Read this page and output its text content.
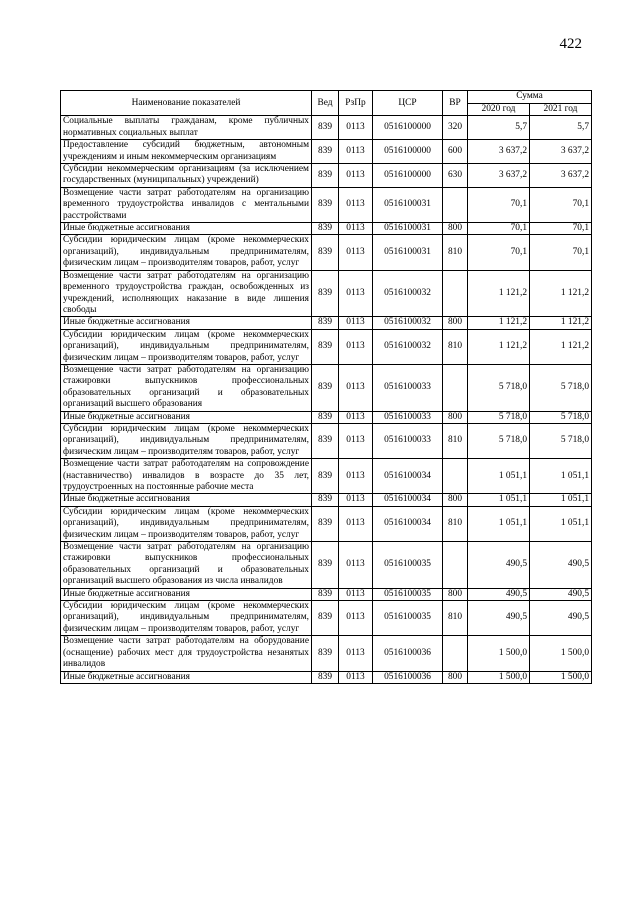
422
Наименование показателей	Вед	РзПр	ЦСР	ВР	Сумма	
					2020 год	2021 год
Социальные выплаты гражданам, кроме публичных нормативных социальных выплат	839	0113	0516100000	320	5,7	5,7
Предоставление субсидий бюджетным, автономным учреждениям и иным некоммерческим организациям	839	0113	0516100000	600	3 637,2	3 637,2
Субсидии некоммерческим организациям (за исключением государственных (муниципальных) учреждений)	839	0113	0516100000	630	3 637,2	3 637,2
Возмещение части затрат работодателям на организацию временного трудоустройства инвалидов с ментальными расстройствами	839	0113	0516100031		70,1	70,1
Иные бюджетные ассигнования	839	0113	0516100031	800	70,1	70,1
Субсидии юридическим лицам (кроме некоммерческих организаций), индивидуальным предпринимателям, физическим лицам – производителям товаров, работ, услуг	839	0113	0516100031	810	70,1	70,1
Возмещение части затрат работодателям на организацию временного трудоустройства граждан, освобожденных из учреждений, исполняющих наказание в виде лишения свободы	839	0113	0516100032		1 121,2	1 121,2
Иные бюджетные ассигнования	839	0113	0516100032	800	1 121,2	1 121,2
Субсидии юридическим лицам (кроме некоммерческих организаций), индивидуальным предпринимателям, физическим лицам – производителям товаров, работ, услуг	839	0113	0516100032	810	1 121,2	1 121,2
Возмещение части затрат работодателям на организацию стажировки выпускников профессиональных образовательных организаций и образовательных организаций высшего образования	839	0113	0516100033		5 718,0	5 718,0
Иные бюджетные ассигнования	839	0113	0516100033	800	5 718,0	5 718,0
Субсидии юридическим лицам (кроме некоммерческих организаций), индивидуальным предпринимателям, физическим лицам – производителям товаров, работ, услуг	839	0113	0516100033	810	5 718,0	5 718,0
Возмещение части затрат работодателям на сопровождение (наставничество) инвалидов в возрасте до 35 лет, трудоустроенных на постоянные рабочие места	839	0113	0516100034		1 051,1	1 051,1
Иные бюджетные ассигнования	839	0113	0516100034	800	1 051,1	1 051,1
Субсидии юридическим лицам (кроме некоммерческих организаций), индивидуальным предпринимателям, физическим лицам – производителям товаров, работ, услуг	839	0113	0516100034	810	1 051,1	1 051,1
Возмещение части затрат работодателям на организацию стажировки выпускников профессиональных образовательных организаций и образовательных организаций высшего образования из числа инвалидов	839	0113	0516100035		490,5	490,5
Иные бюджетные ассигнования	839	0113	0516100035	800	490,5	490,5
Субсидии юридическим лицам (кроме некоммерческих организаций), индивидуальным предпринимателям, физическим лицам – производителям товаров, работ, услуг	839	0113	0516100035	810	490,5	490,5
Возмещение части затрат работодателям на оборудование (оснащение) рабочих мест для трудоустройства незанятых инвалидов	839	0113	0516100036		1 500,0	1 500,0
Иные бюджетные ассигнования	839	0113	0516100036	800	1 500,0	1 500,0
